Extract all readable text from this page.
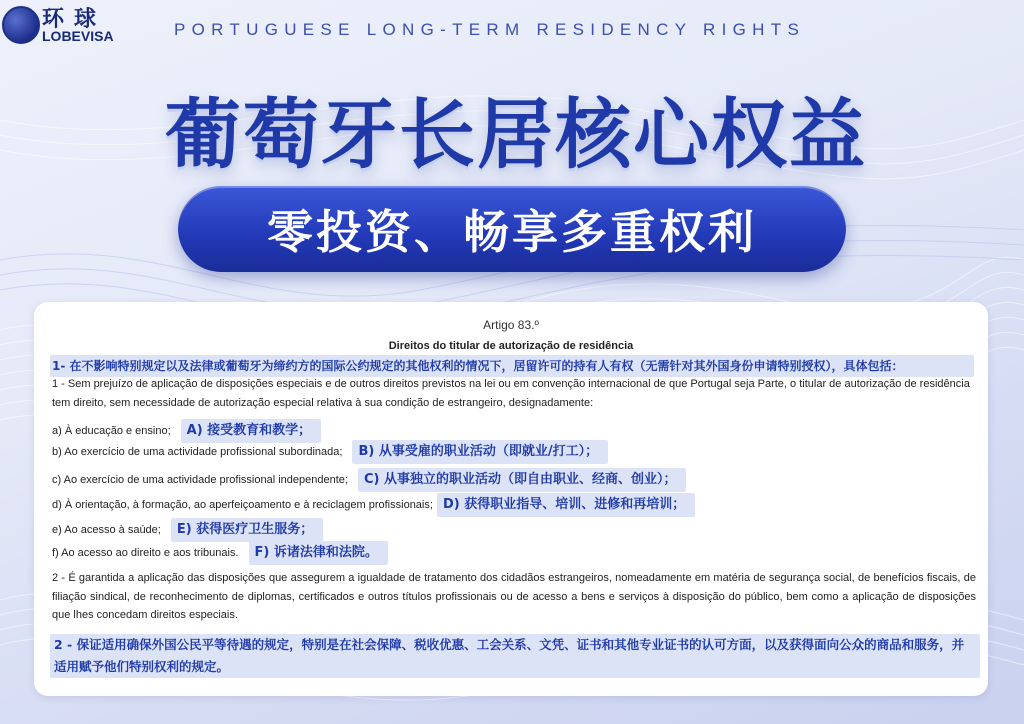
环球
LOBEVISA	PORTUGUESE LONG-TERM RESIDENCY RIGHTS
葡萄牙长居核心权益
零投资、畅享多重权利
Artigo 83.º
Direitos do titular de autorização de residência
1- 在不影响特别规定以及法律或葡萄牙为缔约方的国际公约规定的其他权利的情况下，居留许可的持有人有权（无需针对其外国身份申请特别授权），具体包括：
1 - Sem prejuízo de aplicação de disposições especiais e de outros direitos previstos na lei ou em convenção internacional de que Portugal seja Parte, o titular de autorização de residência tem direito, sem necessidade de autorização especial relativa à sua condição de estrangeiro, designadamente:
a) À educação e ensino;	A) 接受教育和教学；
b) Ao exercício de uma actividade profissional subordinada;	B) 从事受雇的职业活动（即就业/打工）；
c) Ao exercício de uma actividade profissional independente;	C) 从事独立的职业活动（即自由职业、经商、创业）；
d) À orientação, à formação, ao aperfeiçoamento e à reciclagem profissionais; D) 获得职业指导、培训、进修和再培训；
e) Ao acesso à saúde;	E) 获得医疗卫生服务；
f) Ao acesso ao direito e aos tribunais.	F) 诉诸法律和法院。
2 - É garantida a aplicação das disposições que assegurem a igualdade de tratamento dos cidadãos estrangeiros, nomeadamente em matéria de segurança social, de benefícios fiscais, de filiação sindical, de reconhecimento de diplomas, certificados e outros títulos profissionais ou de acesso a bens e serviços à disposição do público, bem como a aplicação de disposições que lhes concedam direitos especiais.
2 - 保证适用确保外国公民平等待遇的规定，特别是在社会保障、税收优惠、工会关系、文凭、证书和其他专业证书的认可方面，以及获得面向公众的商品和服务，并适用赋予他们特别权利的规定。
